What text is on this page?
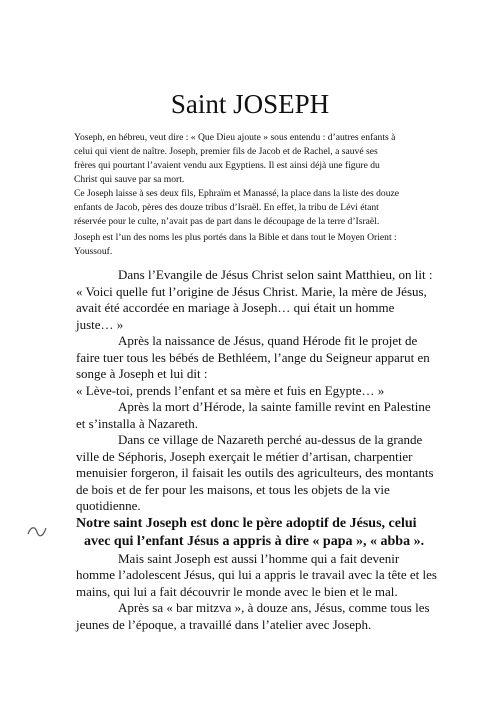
Saint JOSEPH
Yoseph, en hébreu, veut dire : « Que Dieu ajoute » sous entendu : d’autres enfants à
celui qui vient de naître. Joseph, premier fils de Jacob et de Rachel, a sauvé ses
frères qui pourtant l’avaient vendu aux Egyptiens. Il est ainsi déjà une figure du
Christ qui sauve par sa mort.
Ce Joseph laisse à ses deux fils, Ephraïm et Manassé, la place dans la liste des douze
enfants de Jacob, pères des douze tribus d’Israël. En effet, la tribu de Lévi étant
réservée pour le culte, n’avait pas de part dans le découpage de la terre d’Israël.
Joseph est l’un des noms les plus portés dans la Bible et dans tout le Moyen Orient :
Youssouf.
Dans l’Evangile de Jésus Christ selon saint Matthieu, on lit :
« Voici quelle fut l’origine de Jésus Christ. Marie, la mère de Jésus,
avait été accordée en mariage à Joseph… qui était un homme
juste… »
Après la naissance de Jésus, quand Hérode fit le projet de
faire tuer tous les bébés de Bethléem, l’ange du Seigneur apparut en
songe à Joseph et lui dit :
« Lève-toi, prends l’enfant et sa mère et fuis en Egypte… »
Après la mort d’Hérode, la sainte famille revint en Palestine
et s’installa à Nazareth.
Dans ce village de Nazareth perché au-dessus de la grande
ville de Séphoris, Joseph exerçait le métier d’artisan, charpentier
menuisier forgeron, il faisait les outils des agriculteurs, des montants
de bois et de fer pour les maisons, et tous les objets de la vie
quotidienne.
Notre saint Joseph est donc le père adoptif de Jésus, celui
avec qui l’enfant Jésus a appris à dire « papa », « abba ».
Mais saint Joseph est aussi l’homme qui a fait devenir
homme l’adolescent Jésus, qui lui a appris le travail avec la tête et les
mains, qui lui a fait découvrir le monde avec le bien et le mal.
Après sa « bar mitzva », à douze ans, Jésus, comme tous les
jeunes de l’époque, a travaillé dans l’atelier avec Joseph.
